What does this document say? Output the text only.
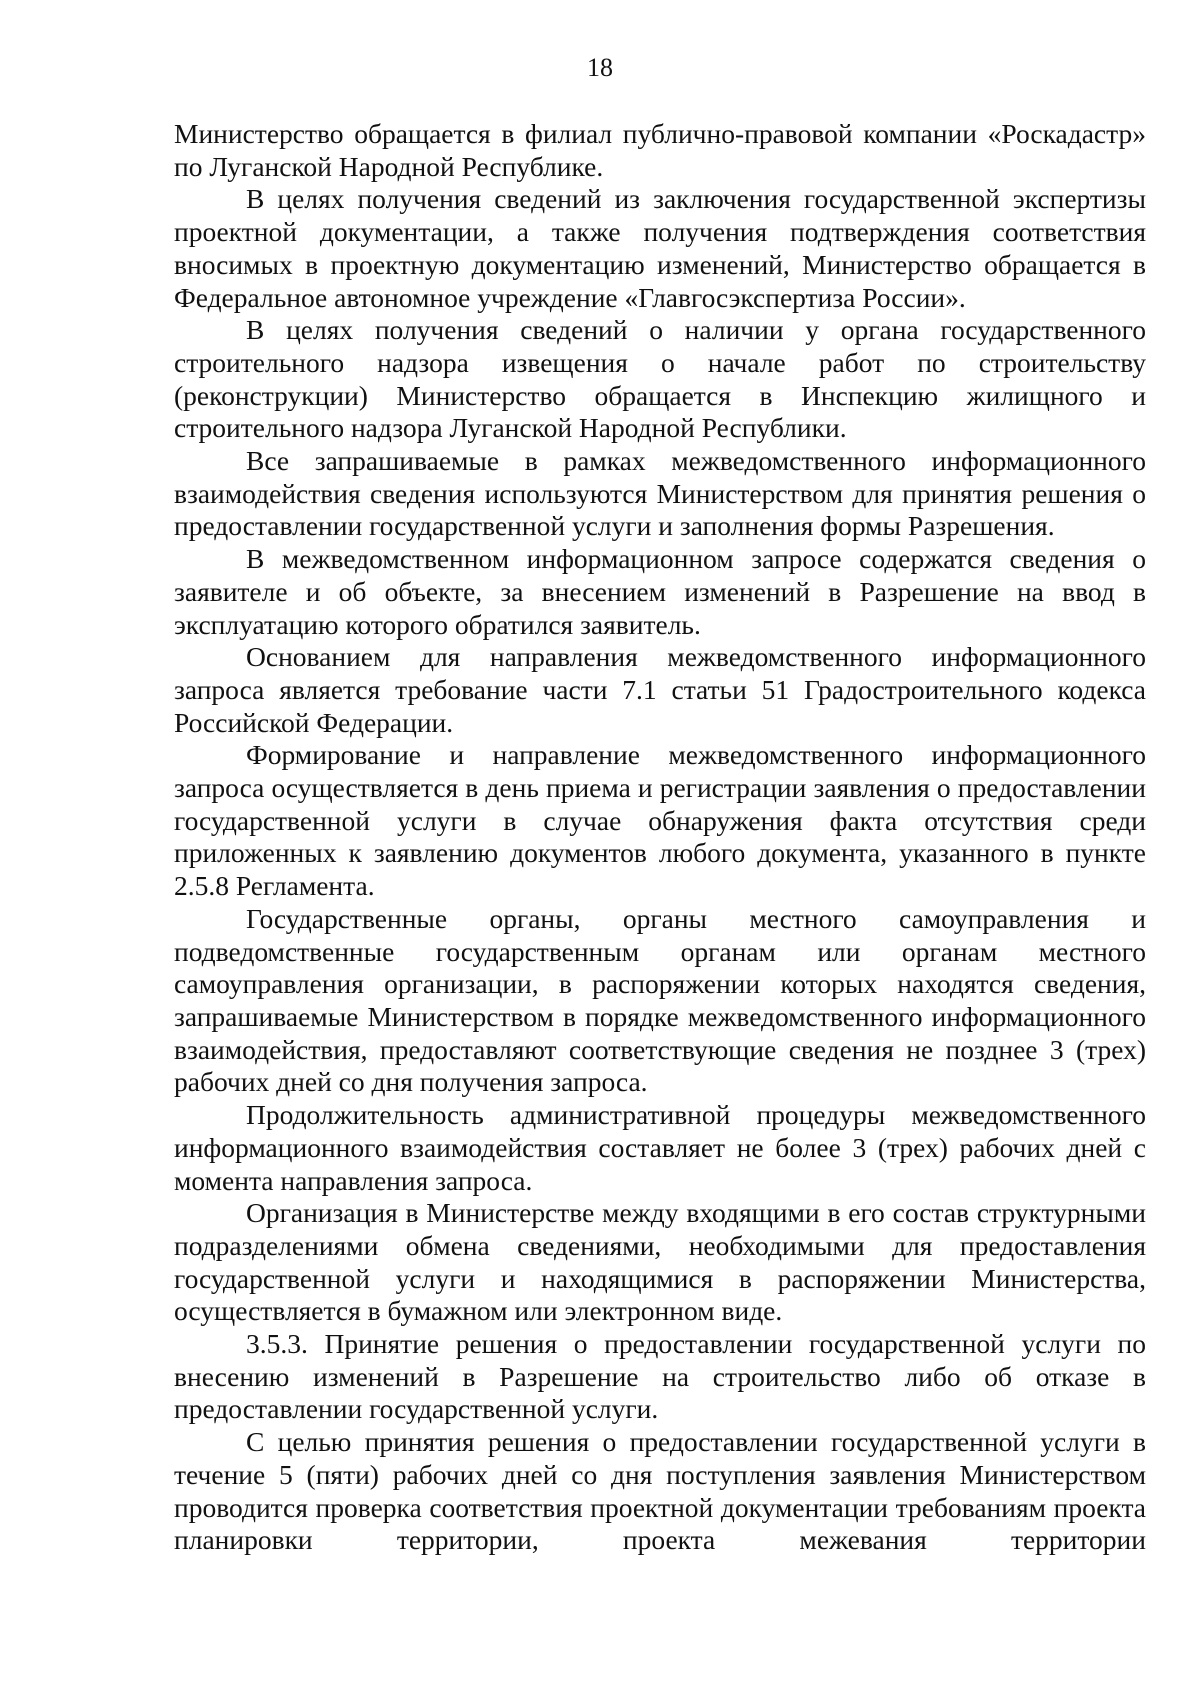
18

Министерство обращается в филиал публично-правовой компании «Роскадастр» по Луганской Народной Республике.

В целях получения сведений из заключения государственной экспертизы проектной документации, а также получения подтверждения соответствия вносимых в проектную документацию изменений, Министерство обращается в Федеральное автономное учреждение «Главгосэкспертиза России».

В целях получения сведений о наличии у органа государственного строительного надзора извещения о начале работ по строительству (реконструкции) Министерство обращается в Инспекцию жилищного и строительного надзора Луганской Народной Республики.

Все запрашиваемые в рамках межведомственного информационного взаимодействия сведения используются Министерством для принятия решения о предоставлении государственной услуги и заполнения формы Разрешения.

В межведомственном информационном запросе содержатся сведения о заявителе и об объекте, за внесением изменений в Разрешение на ввод в эксплуатацию которого обратился заявитель.

Основанием для направления межведомственного информационного запроса является требование части 7.1 статьи 51 Градостроительного кодекса Российской Федерации.

Формирование и направление межведомственного информационного запроса осуществляется в день приема и регистрации заявления о предоставлении государственной услуги в случае обнаружения факта отсутствия среди приложенных к заявлению документов любого документа, указанного в пункте 2.5.8 Регламента.

Государственные органы, органы местного самоуправления и подведомственные государственным органам или органам местного самоуправления организации, в распоряжении которых находятся сведения, запрашиваемые Министерством в порядке межведомственного информационного взаимодействия, предоставляют соответствующие сведения не позднее 3 (трех) рабочих дней со дня получения запроса.

Продолжительность административной процедуры межведомственного информационного взаимодействия составляет не более 3 (трех) рабочих дней с момента направления запроса.

Организация в Министерстве между входящими в его состав структурными подразделениями обмена сведениями, необходимыми для предоставления государственной услуги и находящимися в распоряжении Министерства, осуществляется в бумажном или электронном виде.

3.5.3. Принятие решения о предоставлении государственной услуги по внесению изменений в Разрешение на строительство либо об отказе в предоставлении государственной услуги.

С целью принятия решения о предоставлении государственной услуги в течение 5 (пяти) рабочих дней со дня поступления заявления Министерством проводится проверка соответствия проектной документации требованиям проекта планировки территории, проекта межевания территории
